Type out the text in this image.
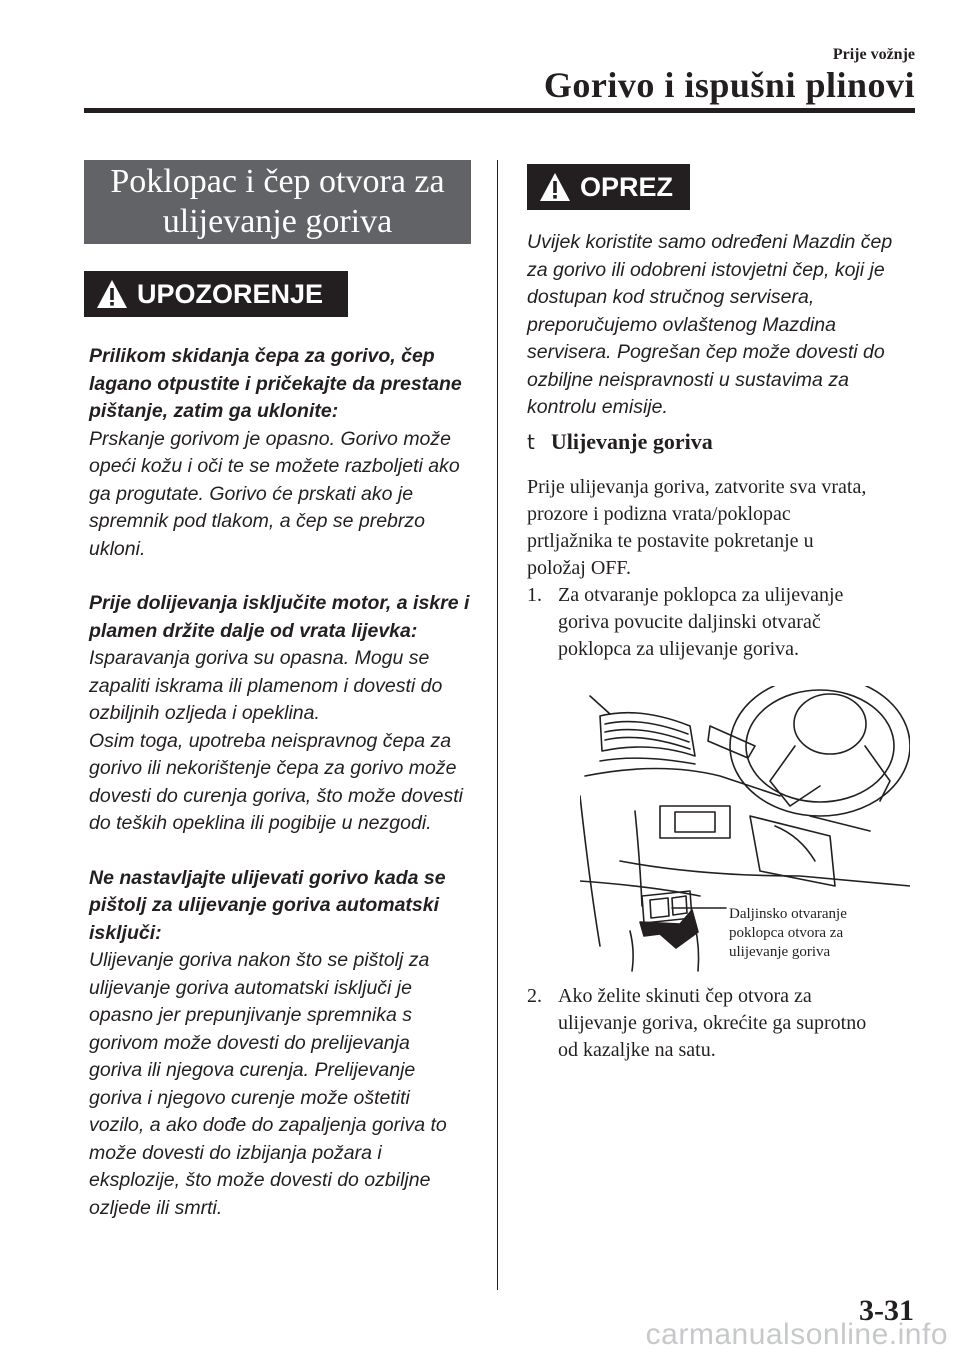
Prije vožnje
Gorivo i ispušni plinovi
Poklopac i čep otvora za
ulijevanje goriva
UPOZORENJE

Prilikom skidanja čepa za gorivo, čep
lagano otpustite i pričekajte da prestane
pištanje, zatim ga uklonite:
Prskanje gorivom je opasno. Gorivo može
opeći kožu i oči te se možete razboljeti ako
ga progutate. Gorivo će prskati ako je
spremnik pod tlakom, a čep se prebrzo
ukloni.

Prije dolijevanja isključite motor, a iskre i
plamen držite dalje od vrata lijevka:
Isparavanja goriva su opasna. Mogu se
zapaliti iskrama ili plamenom i dovesti do
ozbiljnih ozljeda i opeklina.
Osim toga, upotreba neispravnog čepa za
gorivo ili nekorištenje čepa za gorivo može
dovesti do curenja goriva, što može dovesti
do teških opeklina ili pogibije u nezgodi.

Ne nastavljajte ulijevati gorivo kada se
pištolj za ulijevanje goriva automatski
isključi:
Ulijevanje goriva nakon što se pištolj za
ulijevanje goriva automatski isključi je
opasno jer prepunjivanje spremnika s
gorivom može dovesti do prelijevanja
goriva ili njegova curenja. Prelijevanje
goriva i njegovo curenje može oštetiti
vozilo, a ako dođe do zapaljenja goriva to
može dovesti do izbijanja požara i
eksplozije, što može dovesti do ozbiljne
ozljede ili smrti.

OPREZ
Uvijek koristite samo određeni Mazdin čep
za gorivo ili odobreni istovjetni čep, koji je
dostupan kod stručnog servisera,
preporučujemo ovlaštenog Mazdina
servisera. Pogrešan čep može dovesti do
ozbiljne neispravnosti u sustavima za
kontrolu emisije.
t Ulijevanje goriva
Prije ulijevanja goriva, zatvorite sva vrata,
prozore i podizna vrata/poklopac
prtljažnika te postavite pokretanje u
položaj OFF.
1. Za otvaranje poklopca za ulijevanje
goriva povucite daljinski otvarač
poklopca za ulijevanje goriva.
Daljinsko otvaranje
poklopca otvora za
ulijevanje goriva
2. Ako želite skinuti čep otvora za
ulijevanje goriva, okrećite ga suprotno
od kazaljke na satu.
3-31
carmanualsonline.info
